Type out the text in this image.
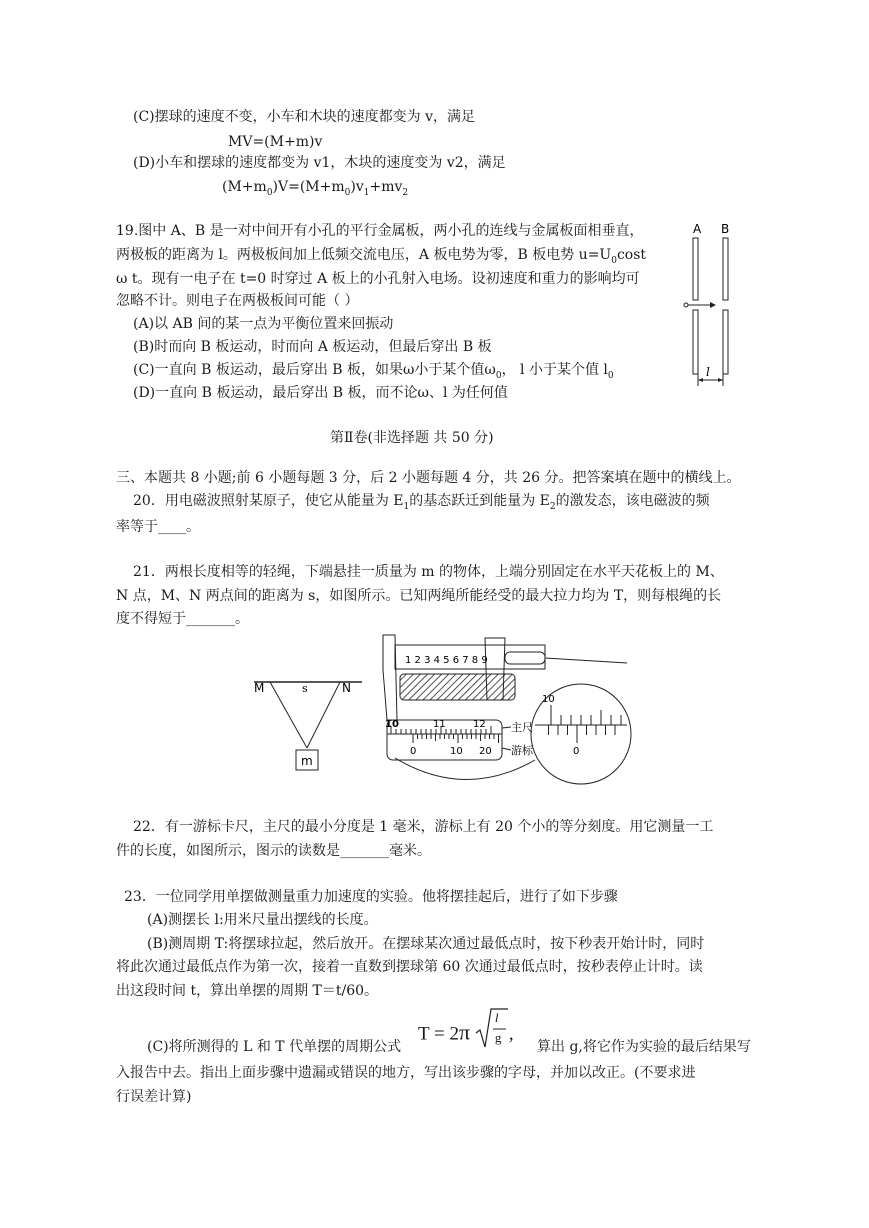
(C)摆球的速度不变，小车和木块的速度都变为 v，满足
MV=(M+m)v
(D)小车和摆球的速度都变为 v1，木块的速度变为 v2，满足
$(M+m_0)V=(M+m_0)v_1+mv_2$
19.图中 A、B 是一对中间开有小孔的平行金属板，两小孔的连线与金属板面相垂直，
两极板的距离为 l。两极板间加上低频交流电压，A 板电势为零，B 板电势 $u=U_0\cos t$
ω t。现有一电子在 t=0 时穿过 A 板上的小孔射入电场。设初速度和重力的影响均可
忽略不计。则电子在两极板间可能（ ）
(A)以 AB 间的某一点为平衡位置来回振动
(B)时而向 B 板运动，时而向 A 板运动，但最后穿出 B 板
(C)一直向 B 板运动，最后穿出 B 板，如果ω小于某个值$\omega_0$， l 小于某个值 $l_0$
(D)一直向 B 板运动，最后穿出 B 板，而不论ω、l 为任何值
A B
l
第Ⅱ卷(非选择题 共 50 分)
三、本题共 8 小题;前 6 小题每题 3 分，后 2 小题每题 4 分，共 26 分。把答案填在题中的横线上。
20．用电磁波照射某原子，使它从能量为 $E_1$的基态跃迁到能量为 $E_2$的激发态，该电磁波的频
率等于____。
21．两根长度相等的轻绳，下端悬挂一质量为 m 的物体，上端分别固定在水平天花板上的 M、
N 点，M、N 两点间的距离为 s，如图所示。已知两绳所能经受的最大拉力均为 T，则每根绳的长
度不得短于_______。
M	s	N
m
1 2 3 4 5 6 7 8 9
10	11	12
0	10 20
主尺
游标
10
0
22．有一游标卡尺，主尺的最小分度是 1 毫米，游标上有 20 个小的等分刻度。用它测量一工
件的长度，如图所示，图示的读数是_______毫米。
23．一位同学用单摆做测量重力加速度的实验。他将摆挂起后，进行了如下步骤
(A)测摆长 l:用米尺量出摆线的长度。
(B)测周期 T:将摆球拉起，然后放开。在摆球某次通过最低点时，按下秒表开始计时，同时
将此次通过最低点作为第一次，接着一直数到摆球第 60 次通过最低点时，按秒表停止计时。读
出这段时间 t，算出单摆的周期 T＝t/60。
T = 2π
l
g ,
(C)将所测得的 L 和 T 代单摆的周期公式	算出 g,将它作为实验的最后结果写
入报告中去。指出上面步骤中遗漏或错误的地方，写出该步骤的字母，并加以改正。(不要求进
行误差计算)
